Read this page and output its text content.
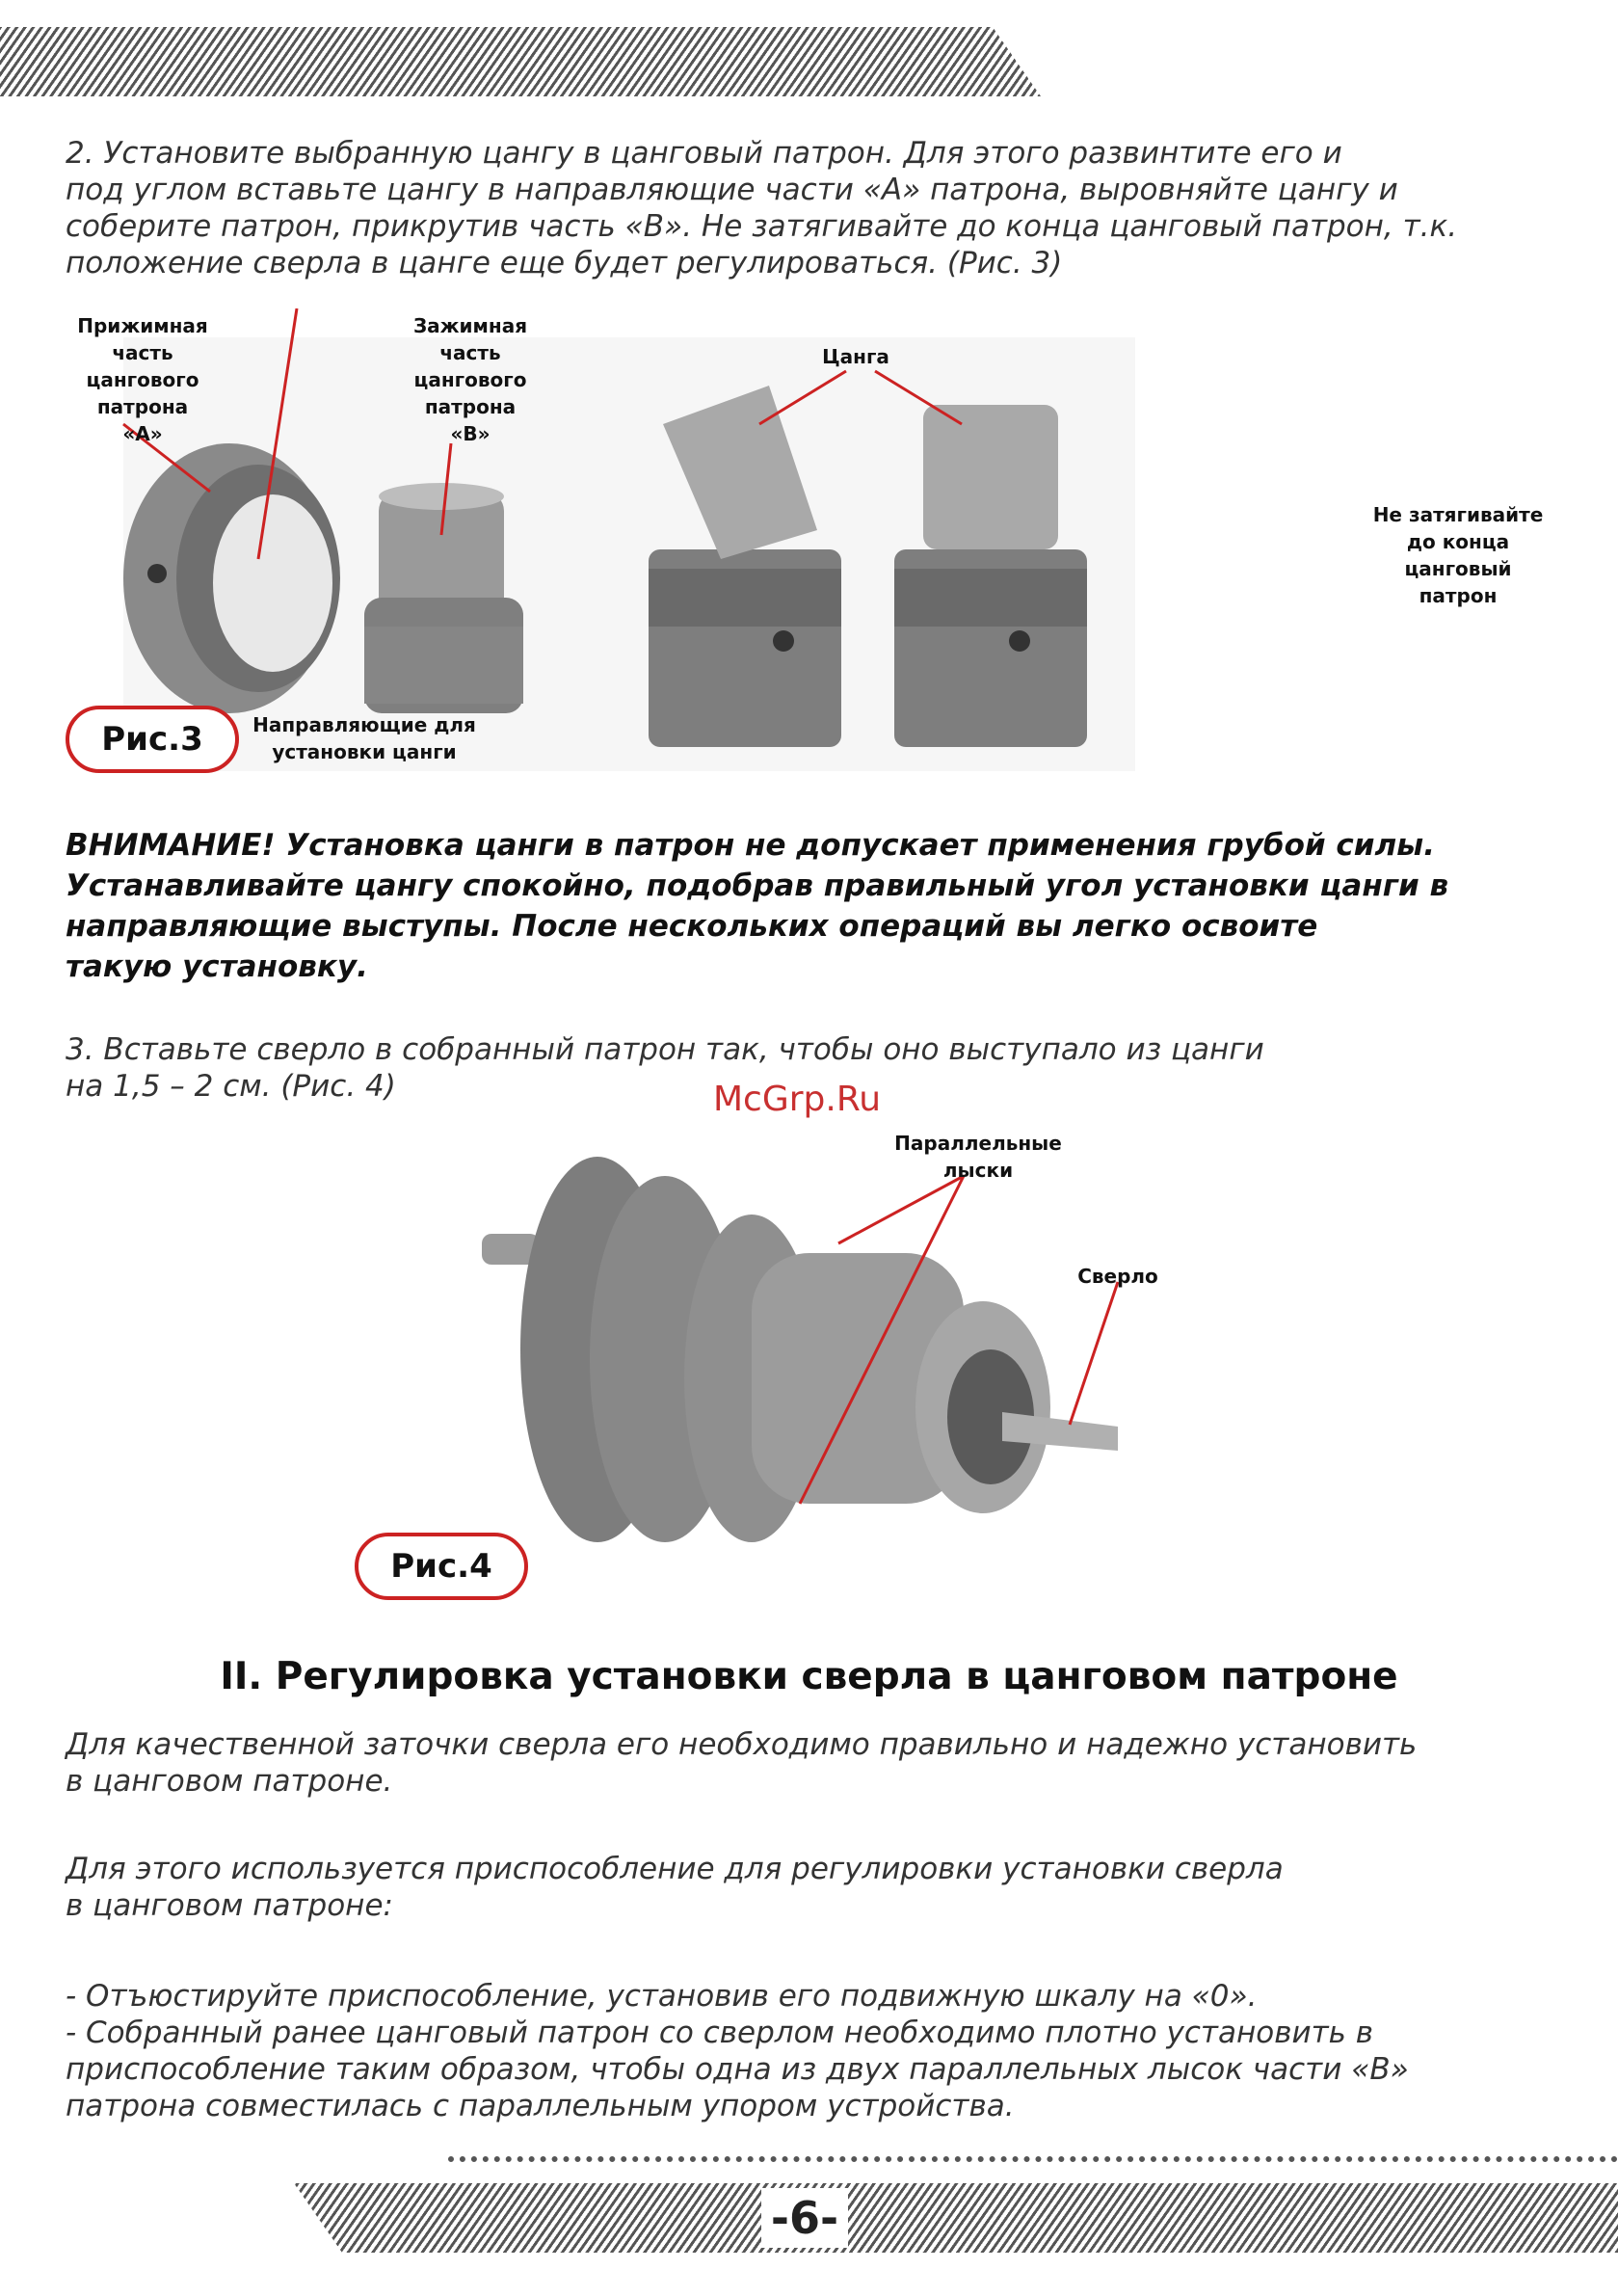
2. Установите выбранную цангу в цанговый патрон. Для этого развинтите его и
под углом вставьте цангу в направляющие части «А» патрона, выровняйте цангу и
соберите патрон, прикрутив часть «В». Не затягивайте до конца цанговый патрон, т.к.
положение сверла в цанге еще будет регулироваться. (Рис. 3)

Прижимная
часть
цангового
патрона
«А»
Зажимная
часть
цангового
патрона
«В»
Цанга
Не затягивайте
до конца
цанговый
патрон
Направляющие для
установки цанги
Рис.3
ВНИМАНИЕ! Установка цанги в патрон не допускает применения грубой силы.
Устанавливайте цангу спокойно, подобрав правильный угол установки цанги в
направляющие выступы. После нескольких операций вы легко освоите
такую установку.

3. Вставьте сверло в собранный патрон так, чтобы оно выступало из цанги
на 1,5 – 2 см. (Рис. 4)	McGrp.Ru
Параллельные
лыски
Сверло
Рис.4
II. Регулировка установки сверла в цанговом патроне

Для качественной заточки сверла его необходимо правильно и надежно установить
в цанговом патроне.

Для этого используется приспособление для регулировки установки сверла
в цанговом патроне:

- Отъюстируйте приспособление, установив его подвижную шкалу на «0».
- Собранный ранее цанговый патрон со сверлом необходимо плотно установить в
приспособление таким образом, чтобы одна из двух параллельных лысок части «В»
патрона совместилась с параллельным упором устройства.

-6-
